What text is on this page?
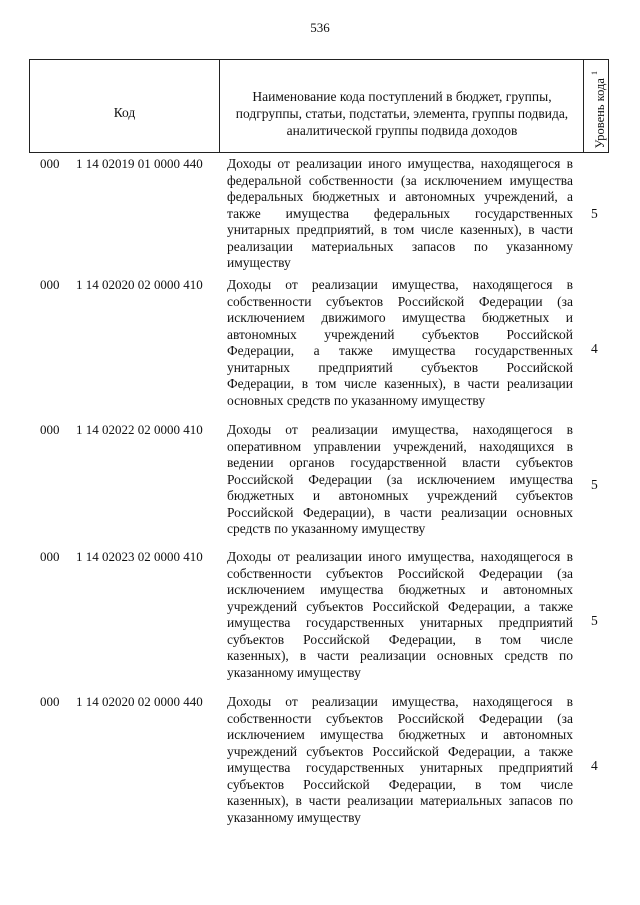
536
Код
Наименование кода поступлений в бюджет, группы, подгруппы, статьи, подстатьи, элемента, группы подвида, аналитической группы подвида доходов	Уровень кода $^1$
000 1 14 02019 01 0000 440 Доходы от реализации иного имущества, находящегося в
федеральной собственности (за исключением имущества
федеральных бюджетных и автономных учреждений, а
также имущества федеральных государственных
унитарных предприятий, в том числе казенных), в части
реализации материальных запасов по указанному
имуществу
5
000 1 14 02020 02 0000 410 Доходы от реализации имущества, находящегося в
собственности субъектов Российской Федерации (за
исключением движимого имущества бюджетных и
автономных учреждений субъектов Российской
Федерации, а также имущества государственных
унитарных предприятий субъектов Российской
Федерации, в том числе казенных), в части реализации
основных средств по указанному имуществу
4
000 1 14 02022 02 0000 410 Доходы от реализации имущества, находящегося в
оперативном управлении учреждений, находящихся в
ведении органов государственной власти субъектов
Российской Федерации (за исключением имущества
бюджетных и автономных учреждений субъектов
Российской Федерации), в части реализации основных
средств по указанному имуществу
5
000 1 14 02023 02 0000 410 Доходы от реализации иного имущества, находящегося в
собственности субъектов Российской Федерации (за
исключением имущества бюджетных и автономных
учреждений субъектов Российской Федерации, а также
имущества государственных унитарных предприятий
субъектов Российской Федерации, в том числе
казенных), в части реализации основных средств по
указанному имуществу
5
000 1 14 02020 02 0000 440 Доходы от реализации имущества, находящегося в
собственности субъектов Российской Федерации (за
исключением имущества бюджетных и автономных
учреждений субъектов Российской Федерации, а также
имущества государственных унитарных предприятий
субъектов Российской Федерации, в том числе
казенных), в части реализации материальных запасов по
указанному имуществу
4
